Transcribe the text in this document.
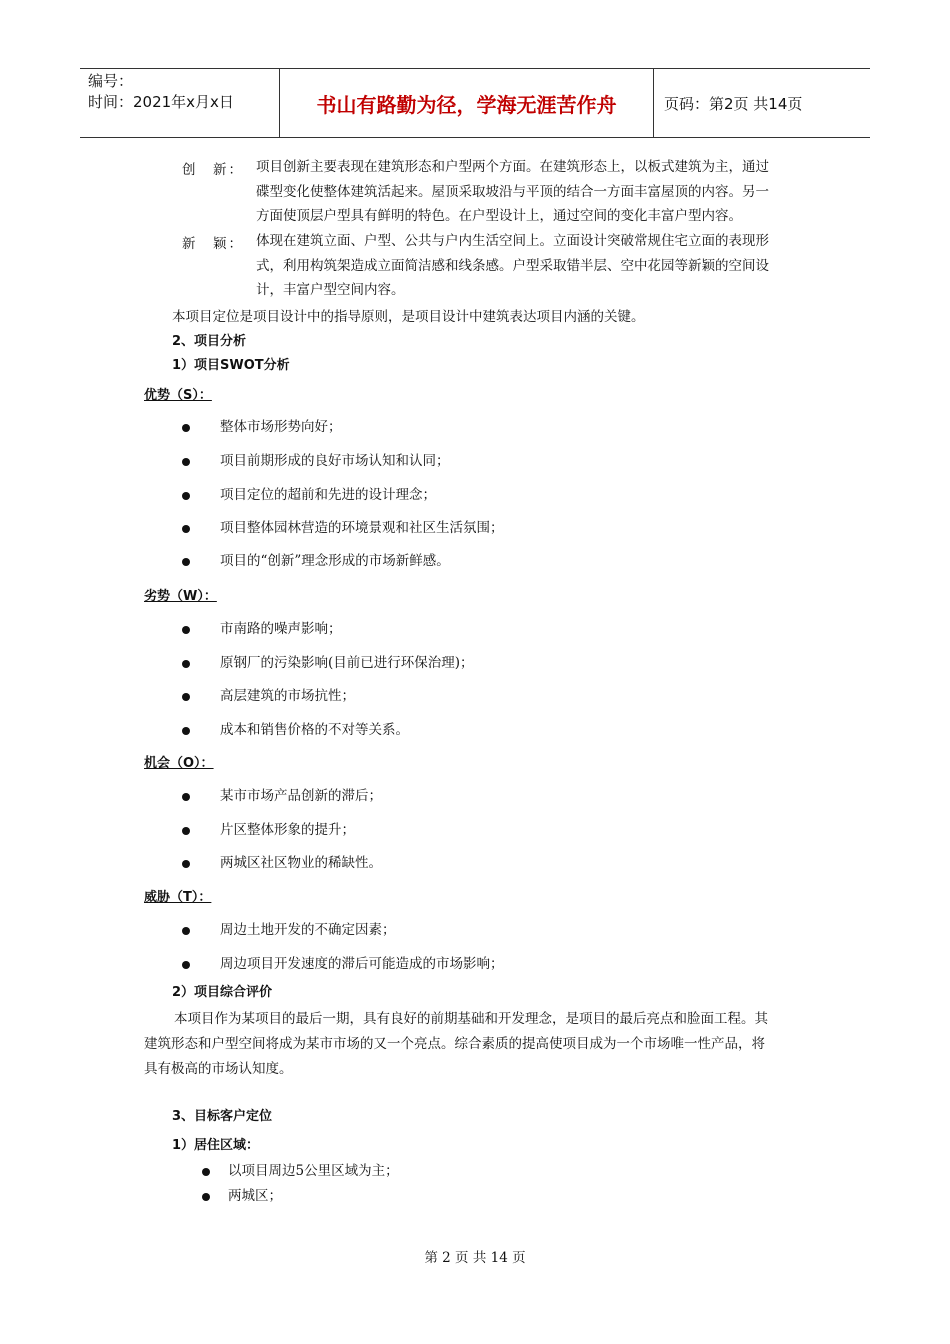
编号：
时间：2021年x月x日	书山有路勤为径，学海无涯苦作舟	页码：第2页 共14页
创　新： 项目创新主要表现在建筑形态和户型两个方面。在建筑形态上，以板式建筑为主，通过
碟型变化使整体建筑活起来。屋顶采取坡沿与平顶的结合一方面丰富屋顶的内容。另一
方面使顶层户型具有鲜明的特色。在户型设计上，通过空间的变化丰富户型内容。
新　颖： 体现在建筑立面、户型、公共与户内生活空间上。立面设计突破常规住宅立面的表现形
式，利用构筑架造成立面简洁感和线条感。户型采取错半层、空中花园等新颖的空间设
计，丰富户型空间内容。
本项目定位是项目设计中的指导原则，是项目设计中建筑表达项目内涵的关键。
2、项目分析
1）项目SWOT分析
优势（S）：
整体市场形势向好；
项目前期形成的良好市场认知和认同；
项目定位的超前和先进的设计理念；
项目整体园林营造的环境景观和社区生活氛围；
项目的“创新”理念形成的市场新鲜感。
劣势（W）：
市南路的噪声影响；
原钢厂的污染影响(目前已进行环保治理)；
高层建筑的市场抗性；
成本和销售价格的不对等关系。
机会（O）：
某市市场产品创新的滞后；
片区整体形象的提升；
两城区社区物业的稀缺性。
威胁（T）：
周边土地开发的不确定因素；
周边项目开发速度的滞后可能造成的市场影响；
2）项目综合评价
本项目作为某项目的最后一期，具有良好的前期基础和开发理念，是项目的最后亮点和脸面工程。其
建筑形态和户型空间将成为某市市场的又一个亮点。综合素质的提高使项目成为一个市场唯一性产品，将
具有极高的市场认知度。
3、目标客户定位
1）居住区域：
以项目周边5公里区域为主；
两城区；
第 2 页 共 14 页
